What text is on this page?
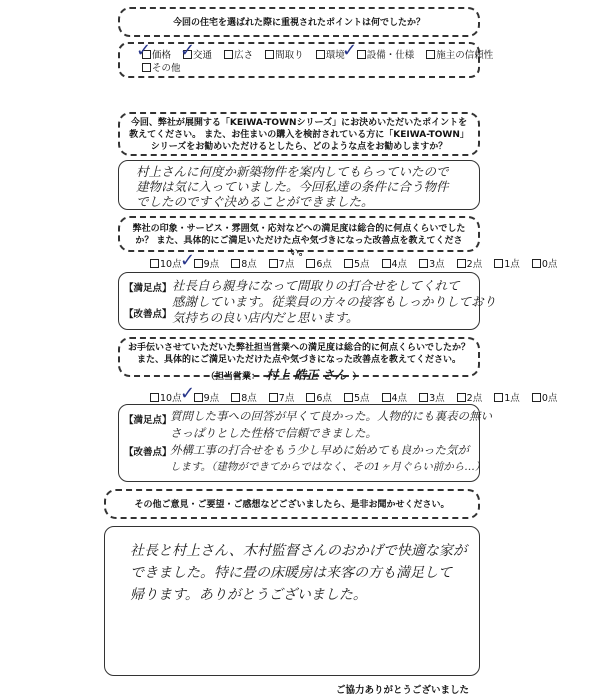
今回の住宅を選ばれた際に重視されたポイントは何でしたか？
価格 交通 広さ 間取り 環境 設備・仕様 施主の信頼性
その他
✓ ✓	✓
今回、弊社が展開する「KEIWA-TOWNシリーズ」にお決めいただいたポイントを教えてください。 また、お住まいの購入を検討されている方に「KEIWA-TOWN」シリーズをお勧めいただけるとしたら、どのような点をお勧めしますか？
村上さんに何度か新築物件を案内してもらっていたので
建物は気に入っていました。今回私達の条件に合う物件
でしたのですぐ決めることができました。
弊社の印象・サービス・雰囲気・応対などへの満足度は総合的に何点くらいでしたか？ また、具体的にご満足いただけた点や気づきになった改善点を教えてください。
10点 9点 8点 7点 6点 5点 4点 3点 2点 1点 0点
✓
【満足点】
【改善点】
社長自ら親身になって間取りの打合せをしてくれて
感謝しています。従業員の方々の接客もしっかりしており
気持ちの良い店内だと思います。
お手伝いさせていただいた弊社担当営業への満足度は総合的に何点くらいでしたか？ また、具体的にご満足いただけた点や気づきになった改善点を教えてください。
（担当営業： 村上 皓正 さん ）
10点 9点 8点 7点 6点 5点 4点 3点 2点 1点 0点
✓
【満足点】
【改善点】
質問した事への回答が早くて良かった。人物的にも裏表の無い
さっぱりとした性格で信頼できました。
外構工事の打合せをもう少し早めに始めても良かった気が
します。（建物ができてからではなく、その1ヶ月ぐらい前から…）
その他ご意見・ご要望・ご感想などございましたら、是非お聞かせください。
社長と村上さん、木村監督さんのおかげで快適な家が
できました。特に畳の床暖房は来客の方も満足して
帰ります。ありがとうございました。
ご協力ありがとうございました
